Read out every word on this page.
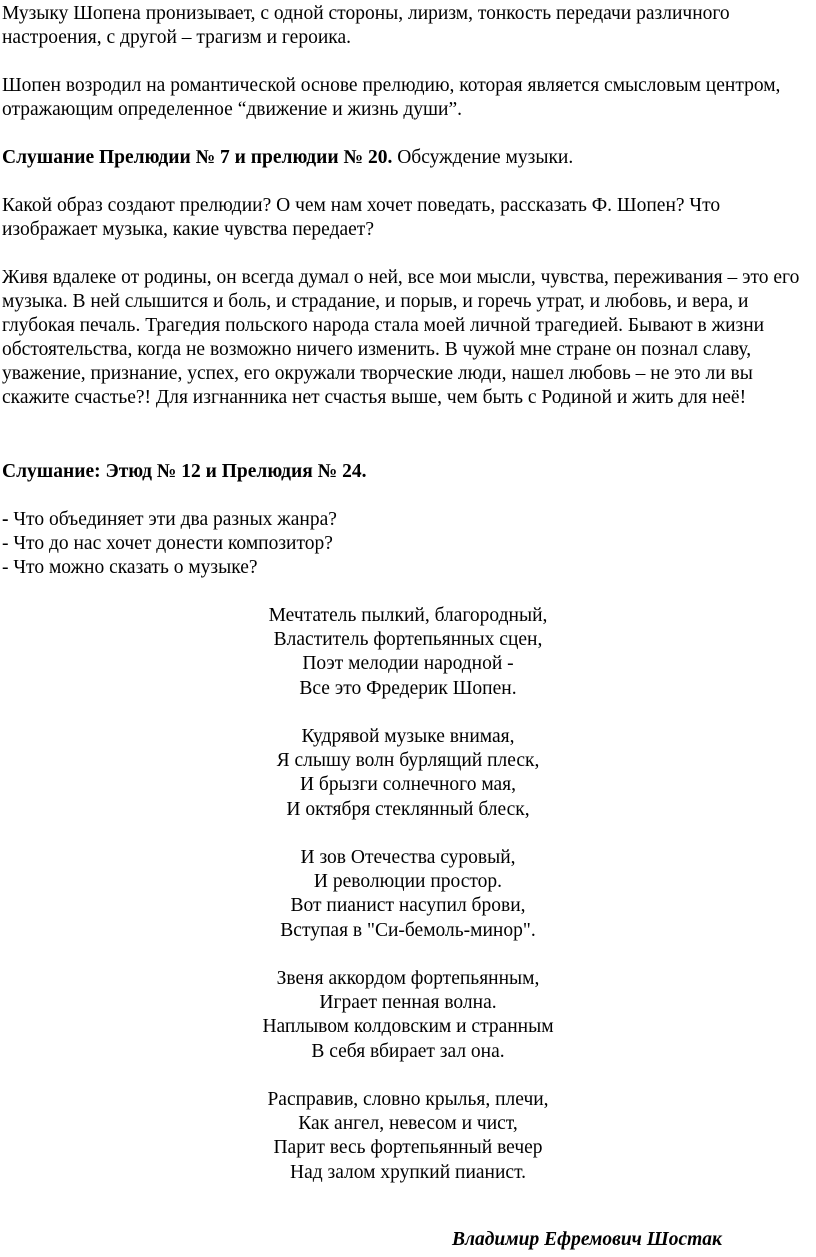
Музыку Шопена пронизывает, с одной стороны, лиризм, тонкость передачи различного настроения, с другой – трагизм и героика.

Шопен возродил на романтической основе прелюдию, которая является смысловым центром, отражающим определенное “движение и жизнь души”.

Слушание Прелюдии № 7 и прелюдии № 20. Обсуждение музыки.

Какой образ создают прелюдии? О чем нам хочет поведать, рассказать Ф. Шопен? Что изображает музыка, какие чувства передает?

Живя вдалеке от родины, он всегда думал о ней, все мои мысли, чувства, переживания – это его музыка. В ней слышится и боль, и страдание, и порыв, и горечь утрат, и любовь, и вера, и глубокая печаль. Трагедия польского народа стала моей личной трагедией. Бывают в жизни обстоятельства, когда не возможно ничего изменить. В чужой мне стране он познал славу, уважение, признание, успех, его окружали творческие люди, нашел любовь – не это ли вы скажите счастье?! Для изгнанника нет счастья выше, чем быть с Родиной и жить для неё!

Слушание: Этюд № 12 и Прелюдия № 24.

- Что объединяет эти два разных жанра?
- Что до нас хочет донести композитор?
- Что можно сказать о музыке?
Мечтатель пылкий, благородный,
Властитель фортепьянных сцен,
Поэт мелодии народной -
Все это Фредерик Шопен.
Кудрявой музыке внимая,
Я слышу волн бурлящий плеск,
И брызги солнечного мая,
И октября стеклянный блеск,
И зов Отечества суровый,
И революции простор.
Вот пианист насупил брови,
Вступая в "Си-бемоль-минор".
Звеня аккордом фортепьянным,
Играет пенная волна.
Наплывом колдовским и странным
В себя вбирает зал она.
Расправив, словно крылья, плечи,
Как ангел, невесом и чист,
Парит весь фортепьянный вечер
Над залом хрупкий пианист.
Владимир Ефремович Шостак
